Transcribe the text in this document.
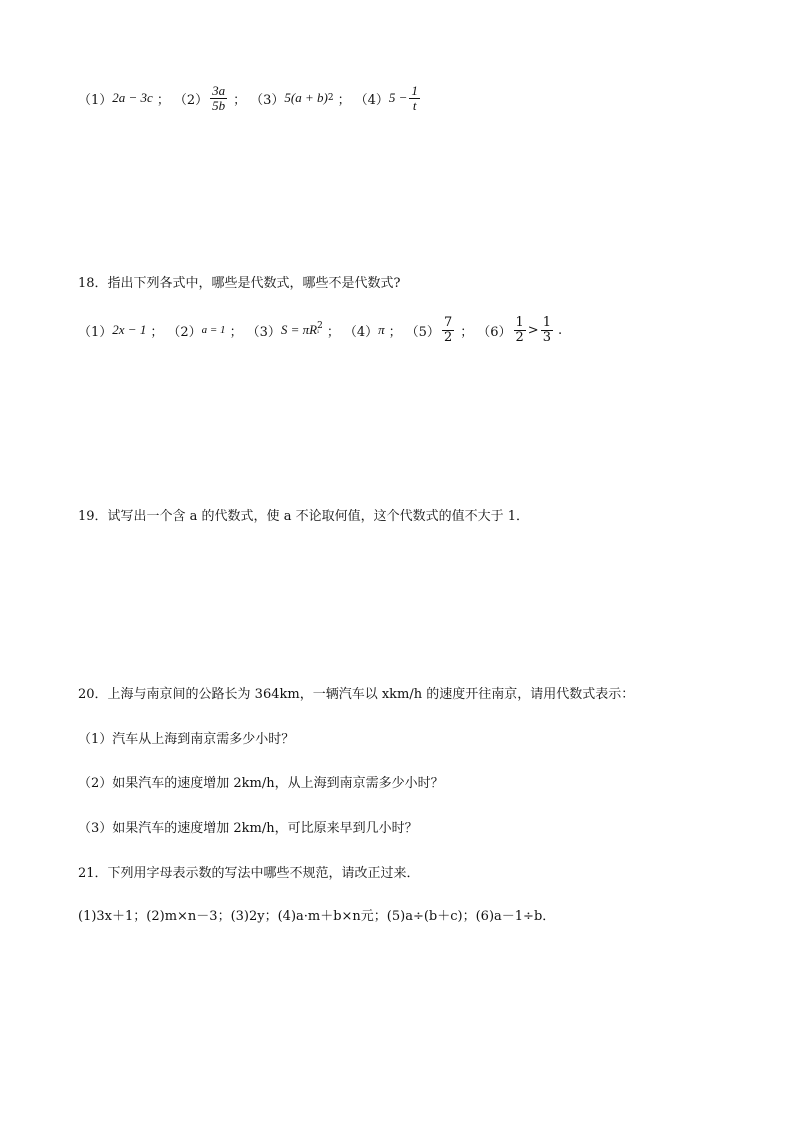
（1） 2a − 3c ； $(2) \frac{3a}{5b}$ ； （3） 5(a + b) 2 ； （4） $5 - \frac{1}{t}$
18．指出下列各式中，哪些是代数式，哪些不是代数式?
（1） 2x − 1 ； （2） a = 1 ； （3） S = πR 2
ⁱ ； （4） π ； $(5) \frac{7}{2}$ ； $(6) \frac{1}{2} > \frac{1}{3}$ .
19．试写出一个含 a 的代数式，使 a 不论取何值，这个代数式的值不大于 1．
20．上海与南京间的公路长为 364km，一辆汽车以 xkm/h 的速度开往南京，请用代数式表示：
（1）汽车从上海到南京需多少小时？
（2）如果汽车的速度增加 2km/h，从上海到南京需多少小时？
（3）如果汽车的速度增加 2km/h，可比原来早到几小时？
21．下列用字母表示数的写法中哪些不规范，请改正过来．
(1)3x＋1；(2)m×n－3；(3)2y；(4)a·m＋b×n元；(5)a÷(b＋c)；(6)a－1÷b．
